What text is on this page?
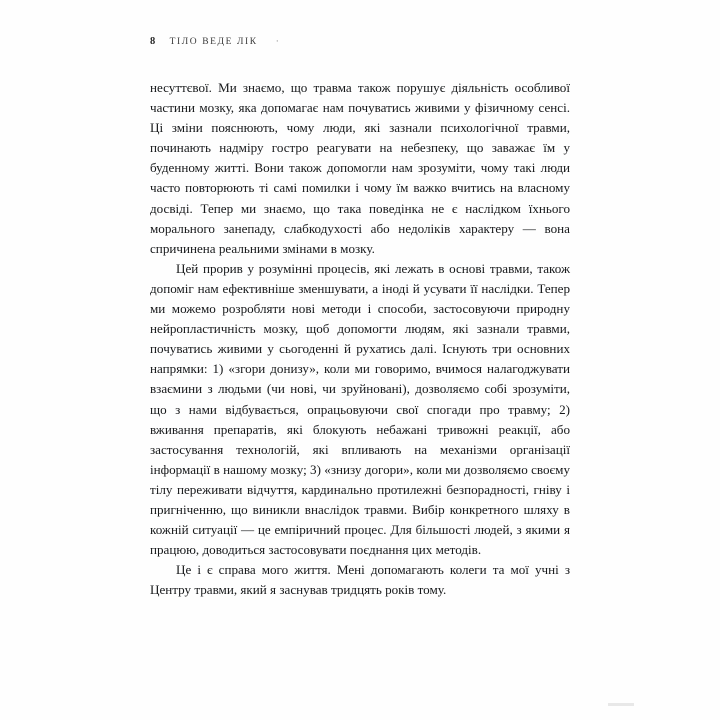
8 ТІЛО ВЕДЕ ЛІК ·

несуттєвої. Ми знаємо, що травма також порушує діяльність особливої частини мозку, яка допомагає нам почуватись живими у фізичному сенсі. Ці зміни пояснюють, чому люди, які зазнали психологічної травми, починають надміру гостро реагувати на небезпеку, що заважає їм у буденному житті. Вони також допомогли нам зрозуміти, чому такі люди часто повторюють ті самі помилки і чому їм важко вчитись на власному досвіді. Тепер ми знаємо, що така поведінка не є наслідком їхнього морального занепаду, слабкодухості або недоліків характеру — вона спричинена реальними змінами в мозку.

Цей прорив у розумінні процесів, які лежать в основі травми, також допоміг нам ефективніше зменшувати, а іноді й усувати її наслідки. Тепер ми можемо розробляти нові методи і способи, застосовуючи природну нейропластичність мозку, щоб допомогти людям, які зазнали травми, почуватись живими у сьогоденні й рухатись далі. Існують три основних напрямки: 1) «згори донизу», коли ми говоримо, вчимося налагоджувати взаємини з людьми (чи нові, чи зруйновані), дозволяємо собі зрозуміти, що з нами відбувається, опрацьовуючи свої спогади про травму; 2) вживання препаратів, які блокують небажані тривожні реакції, або застосування технологій, які впливають на механізми організації інформації в нашому мозку; 3) «знизу догори», коли ми дозволяємо своєму тілу переживати відчуття, кардинально протилежні безпорадності, гніву і пригніченню, що виникли внаслідок травми. Вибір конкретного шляху в кожній ситуації — це емпіричний процес. Для більшості людей, з якими я працюю, доводиться застосовувати поєднання цих методів.

Це і є справа мого життя. Мені допомагають колеги та мої учні з Центру травми, який я заснував тридцять років тому.
